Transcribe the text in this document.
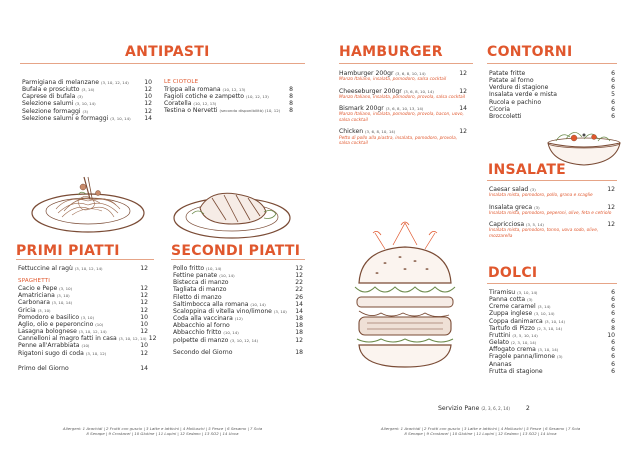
ANTIPASTI
Parmigiana di melanzane (3, 10, 12, 14)	10
Bufala e prosciutto (3, 14)	12
Caprese di bufala (3)	10
Selezione salumi (3, 10, 14)	12
Selezione formaggi (3)	12
Selezione salumi e formaggi (3, 10, 14)	14
LE CIOTOLE
Trippa alla romana (10, 12, 13)	8
Fagioli cotiche e zampetto (10, 12, 13)	8
Coratella (10, 12, 13)	8
Testina o Nervetti (secondo disponibilità) (10, 12)	8
PRIMI PIATTI	SECONDI PIATTI
Fettuccine al ragù (3, 10, 12, 14)	12
SPAGHETTI
Cacio e Pepe (3, 10)	12
Amatriciana (3, 10)	12
Carbonara (3, 10, 14)	12
Gricia (3, 10)	12
Pomodoro e basilico (3, 10)	10
Aglio, olio e peperoncino (10)	10
Lasagna bolognese (3, 10, 12, 14)	12
Cannelloni al magro fatti in casa (3, 10, 12, 14) 12
Penne all'Arrabbiata (10)	10
Rigatoni sugo di coda (3, 10, 12)	12
Primo del Giorno	14
Pollo fritto (10, 14)	12
Fettine panate (10, 14)	12
Bistecca di manzo	22
Tagliata di manzo	22
Filetto di manzo	26
Saltimbocca alla romana (10, 14)	14
Scaloppina di vitella vino/limone (3, 10)	14
Coda alla vaccinara (12)	18
Abbacchio al forno	18
Abbacchio fritto (10, 14)	18
polpette di manzo (3, 10, 12, 14)	12
Secondo del Giorno	18
Allergeni: 1 Arachidi | 2 Frutti con guscio | 3 Latte e latticini | 4 Molluschi | 5 Pesce | 6 Sesamo | 7 Soia
8 Senape | 9 Crostacei | 10 Glutine | 11 Lupini | 12 Sedano | 13 SO2 | 14 Uova
HAMBURGER
Hamburger 200gr (3, 6, 8, 10, 14)	12
Manzo Italiano, insalata, pomodoro, salsa cocktail
Cheeseburger 200gr (3, 6, 8, 10, 14)	12
Manzo Italiano, insalata, pomodoro, provola, salsa cocktail
Bismark 200gr (3, 6, 8, 10, 13, 14)	14
Manzo Italiano, insalata, pomodoro, provola, bacon, uovo, salsa cocktail
Chicken (3, 6, 8, 10, 14)	12
Petto di pollo alla piastra, insalata, pomodoro, provola, salsa cocktail
CONTORNI
Patate fritte	6
Patate al forno	6
Verdure di stagione	6
Insalata verde e mista	5
Rucola e pachino	6
Cicoria	6
Broccoletti	6
INSALATE
Caesar salad (3)	12
Insalata mista, pomodoro, pollo, grana e scaglie
Insalata greca (3)	12
Insalata mista, pomodoro, peperoni, olive, feta e cetriolo
Capricciosa (3, 5, 14)	12
Insalata mista, pomodoro, tonno, uova sodo, olive, mozzarella
DOLCI
Tiramisu (3, 10, 14)	6
Panna cotta (3)	6
Creme caramel (3, 14)	6
Zuppa inglese (3, 10, 14)	6
Coppa danimarca (3, 10, 14)	6
Tartufo di Pizzo (2, 3, 10, 14)	8
Fruttini (3, 5, 10, 14)	10
Gelato (2, 3, 10, 14)	6
Affogato crema (3, 10, 14)	6
Fragole panna/limone (3)	6
Ananas	6
Frutta di stagione	6
Servizio Pane (2, 3, 6, 2, 14)	2
Allergeni: 1 Arachidi | 2 Frutti con guscio | 3 Latte e latticini | 4 Molluschi | 5 Pesce | 6 Sesamo | 7 Soia
8 Senape | 9 Crostacei | 10 Glutine | 11 Lupini | 12 Sedano | 13 SO2 | 14 Uova
